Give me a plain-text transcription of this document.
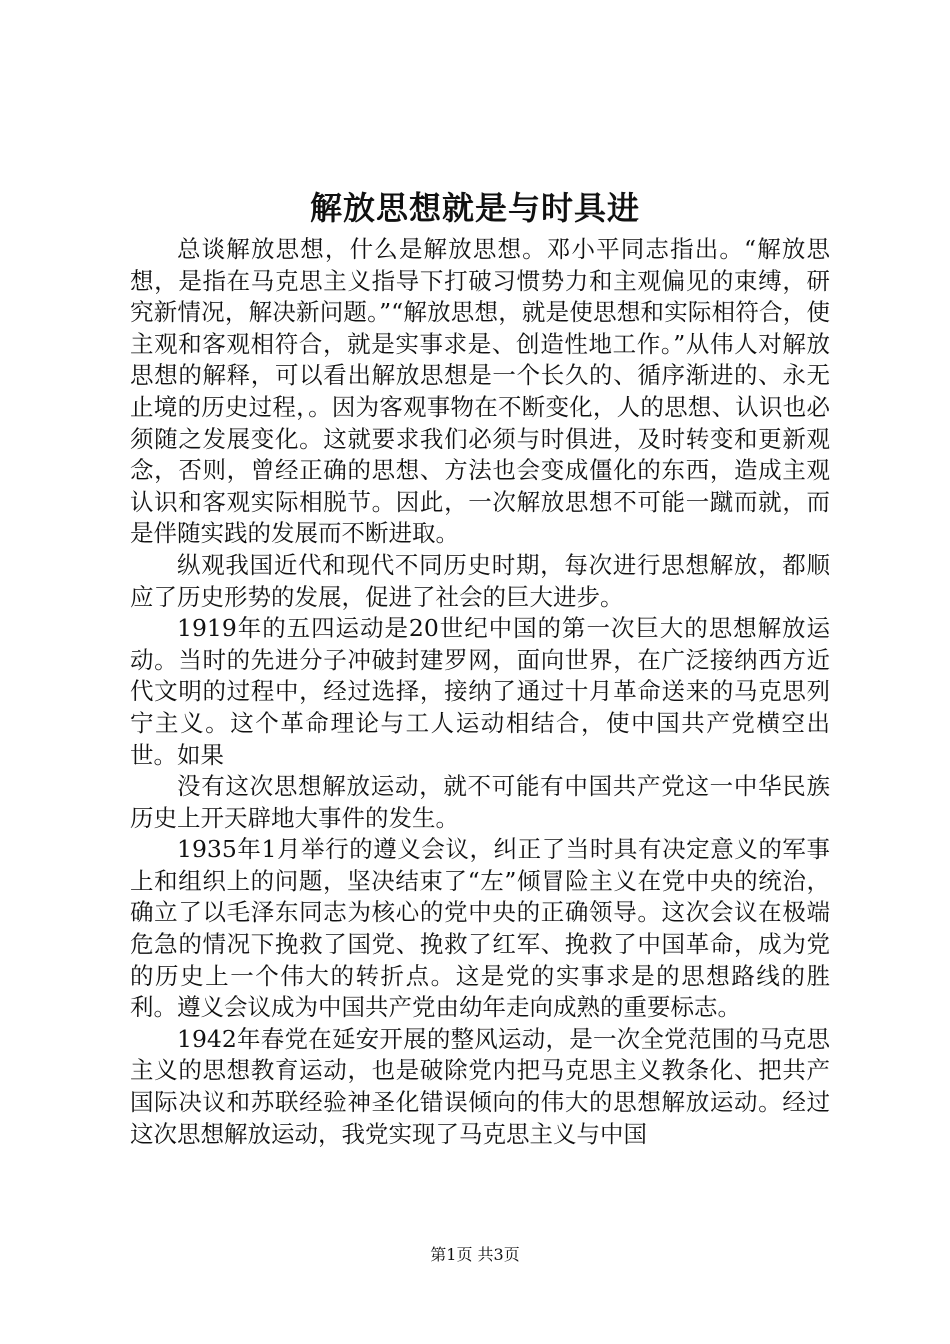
解放思想就是与时具进

总谈解放思想，什么是解放思想。邓小平同志指出。“解放思想，是指在马克思主义指导下打破习惯势力和主观偏见的束缚，研究新情况，解决新问题。”“解放思想，就是使思想和实际相符合，使主观和客观相符合，就是实事求是、创造性地工作。”从伟人对解放思想的解释，可以看出解放思想是一个长久的、循序渐进的、永无止境的历史过程，。因为客观事物在不断变化，人的思想、认识也必须随之发展变化。这就要求我们必须与时俱进，及时转变和更新观念，否则，曾经正确的思想、方法也会变成僵化的东西，造成主观认识和客观实际相脱节。因此，一次解放思想不可能一蹴而就，而是伴随实践的发展而不断进取。

纵观我国近代和现代不同历史时期，每次进行思想解放，都顺应了历史形势的发展，促进了社会的巨大进步。

1919年的五四运动是20世纪中国的第一次巨大的思想解放运动。当时的先进分子冲破封建罗网，面向世界，在广泛接纳西方近代文明的过程中，经过选择，接纳了通过十月革命送来的马克思列宁主义。这个革命理论与工人运动相结合，使中国共产党横空出世。如果

没有这次思想解放运动，就不可能有中国共产党这一中华民族历史上开天辟地大事件的发生。

1935年1月举行的遵义会议，纠正了当时具有决定意义的军事上和组织上的问题，坚决结束了“左”倾冒险主义在党中央的统治，确立了以毛泽东同志为核心的党中央的正确领导。这次会议在极端危急的情况下挽救了国党、挽救了红军、挽救了中国革命，成为党的历史上一个伟大的转折点。这是党的实事求是的思想路线的胜利。遵义会议成为中国共产党由幼年走向成熟的重要标志。

1942年春党在延安开展的整风运动，是一次全党范围的马克思主义的思想教育运动，也是破除党内把马克思主义教条化、把共产国际决议和苏联经验神圣化错误倾向的伟大的思想解放运动。经过这次思想解放运动，我党实现了马克思主义与中国

第1页 共3页
